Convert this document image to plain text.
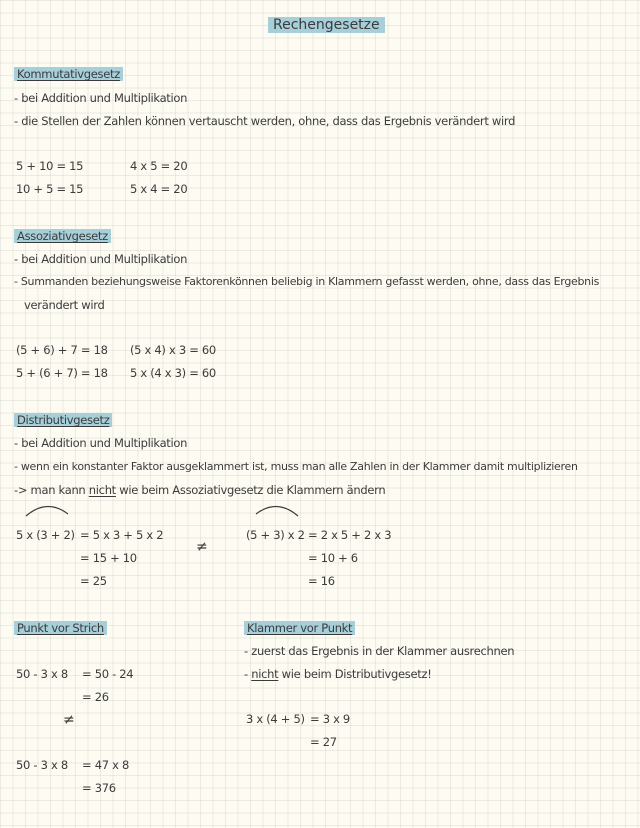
Rechengesetze
Kommutativgesetz
- bei Addition und Multiplikation
- die Stellen der Zahlen können vertauscht werden, ohne, dass das Ergebnis verändert wird
5 + 10 = 15
10 + 5 = 15
4 x 5 = 20
5 x 4 = 20
Assoziativgesetz
- bei Addition und Multiplikation
- Summanden beziehungsweise Faktorenkönnen beliebig in Klammern gefasst werden, ohne, dass das Ergebnis
verändert wird
(5 + 6) + 7 = 18
5 + (6 + 7) = 18
(5 x 4) x 3 = 60
5 x (4 x 3) = 60
Distributivgesetz
- bei Addition und Multiplikation
- wenn ein konstanter Faktor ausgeklammert ist, muss man alle Zahlen in der Klammer damit multiplizieren
-> man kann nicht wie beim Assoziativgesetz die Klammern ändern
5 x (3 + 2) = 5 x 3 + 5 x 2
= 15 + 10
= 25
≠
(5 + 3) x 2 = 2 x 5 + 2 x 3
= 10 + 6
= 16
Punkt vor Strich
50 - 3 x 8 = 50 - 24
= 26
≠
50 - 3 x 8 = 47 x 8
= 376
Klammer vor Punkt
- zuerst das Ergebnis in der Klammer ausrechnen
- nicht wie beim Distributivgesetz!
3 x (4 + 5) = 3 x 9
= 27
